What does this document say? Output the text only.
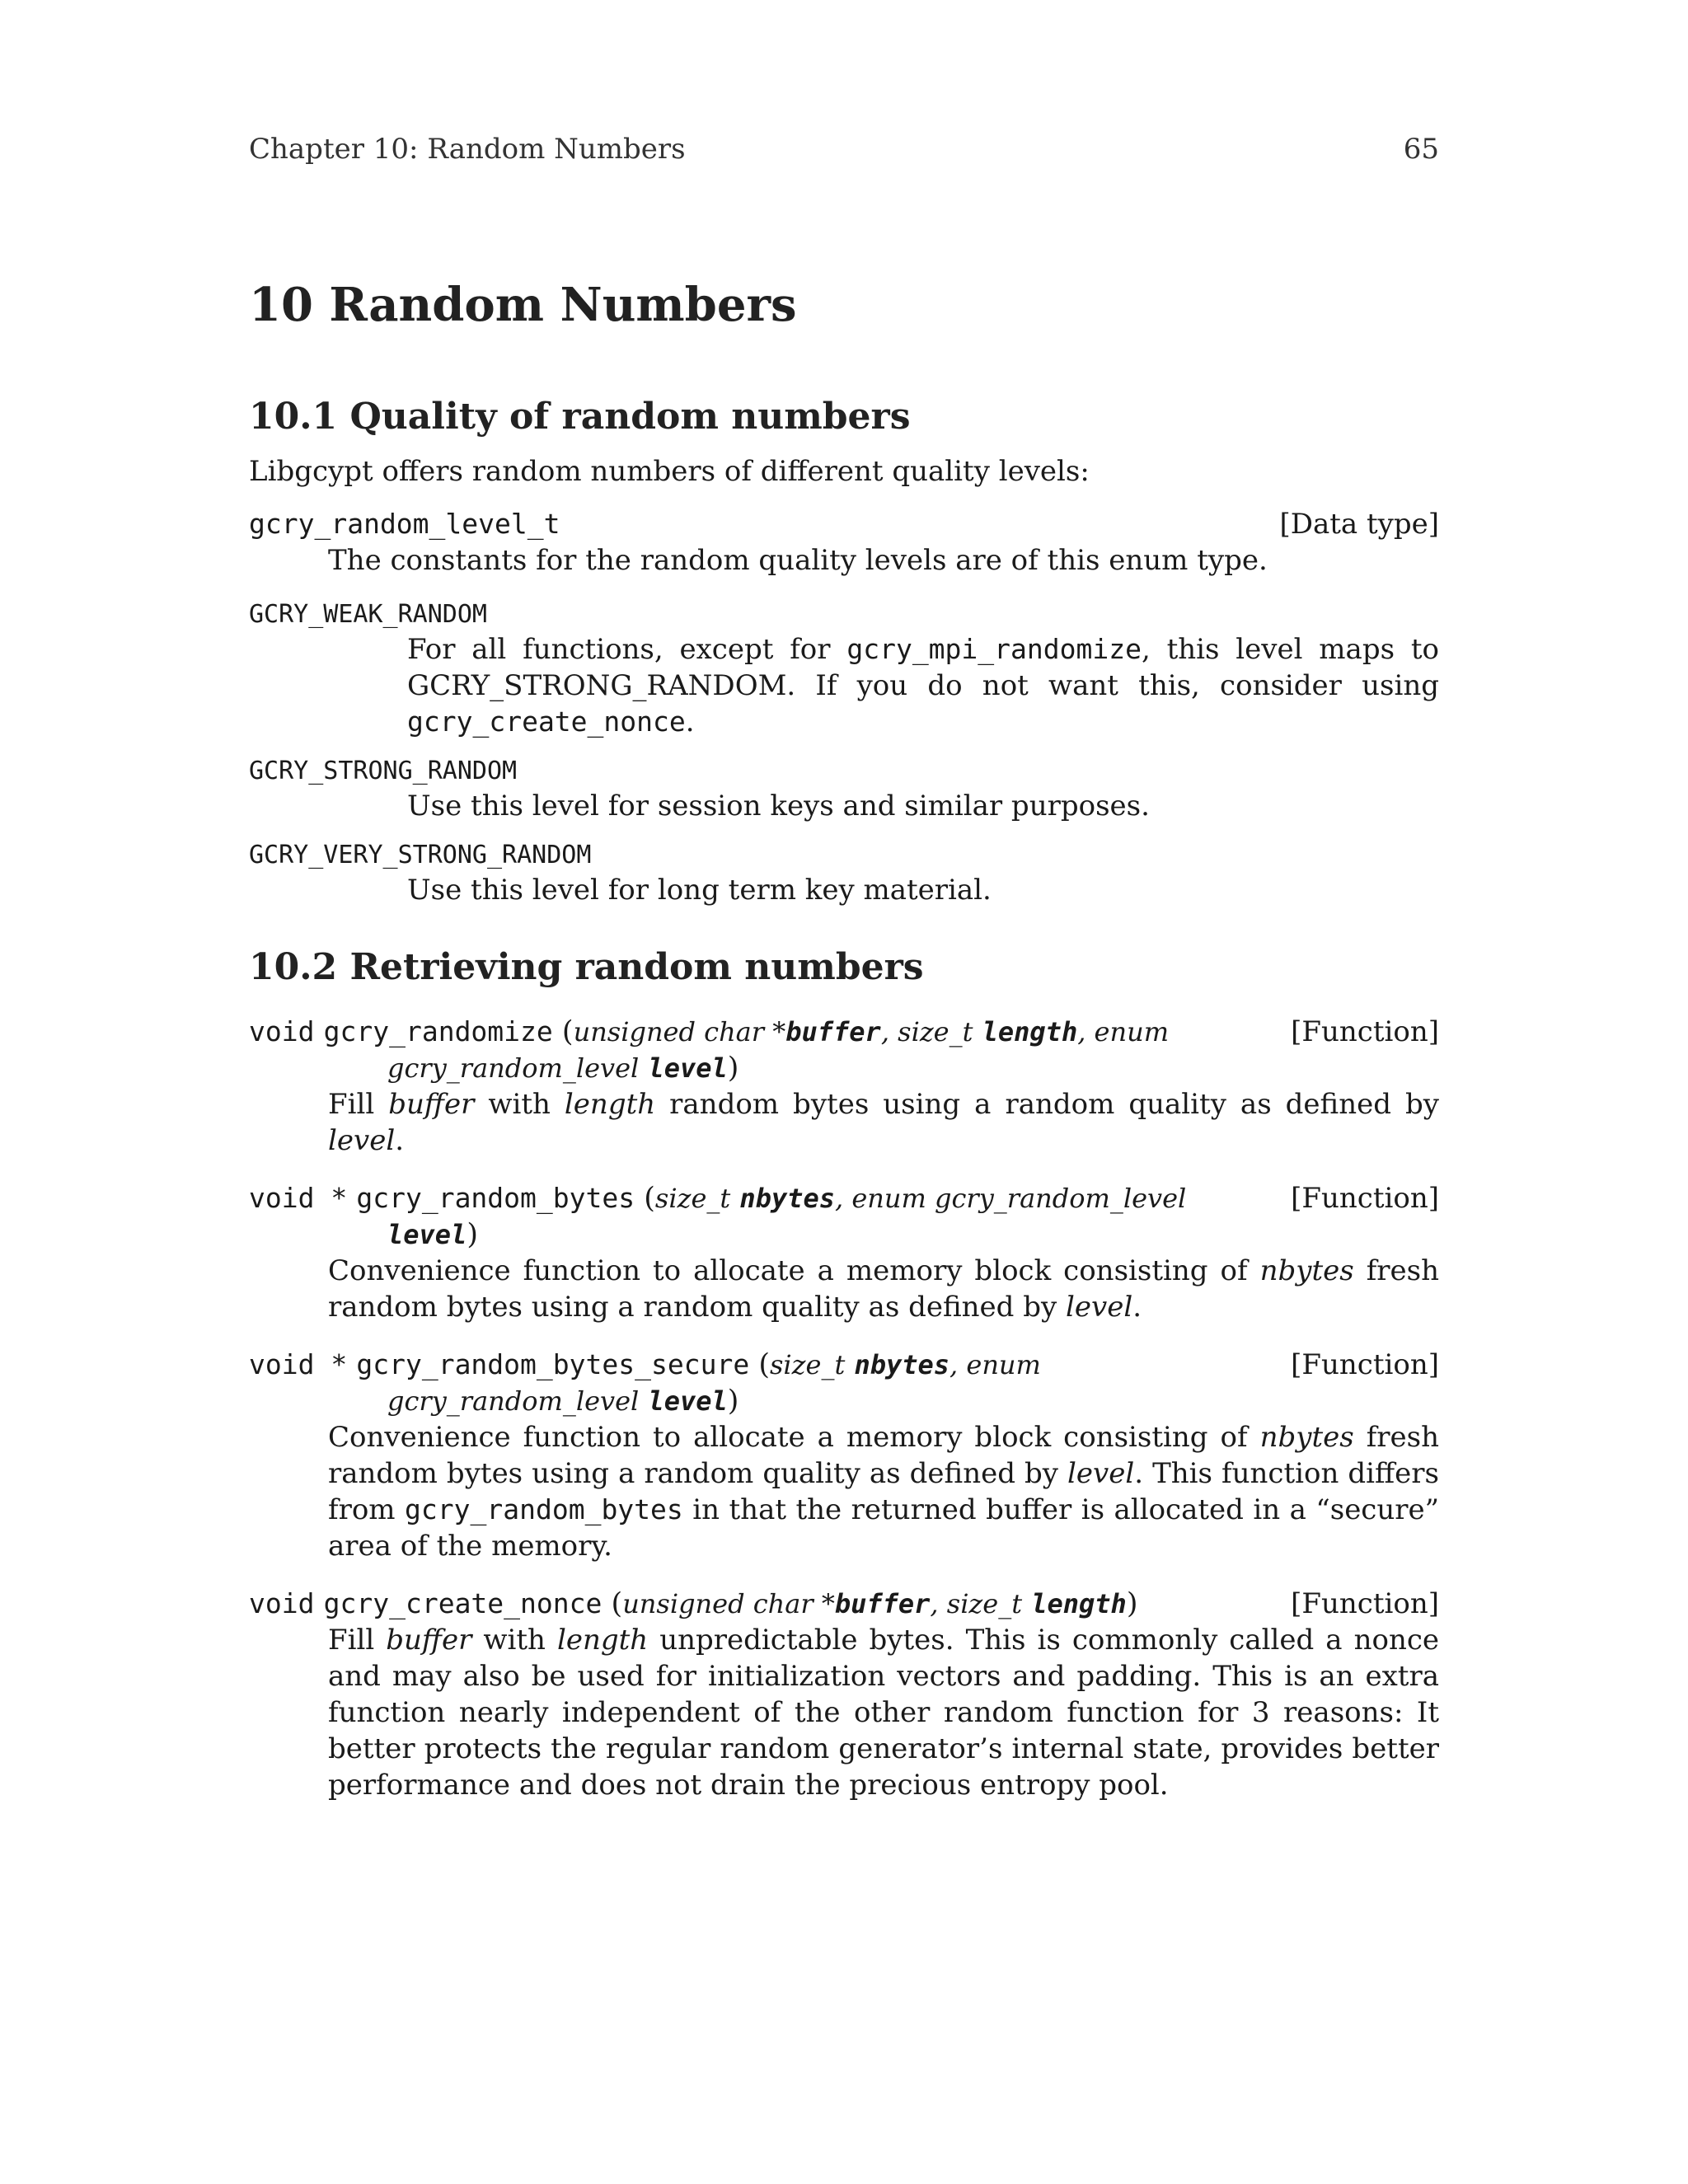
Chapter 10: Random Numbers	65
10 Random Numbers
10.1 Quality of random numbers

Libgcypt offers random numbers of different quality levels:

gcry_random_level_t	[Data type]

The constants for the random quality levels are of this enum type.

GCRY_WEAK_RANDOM

For all functions, except for gcry_mpi_randomize, this level maps to GCRY_STRONG_RANDOM. If you do not want this, consider using gcry_create_nonce.

GCRY_STRONG_RANDOM

Use this level for session keys and similar purposes.

GCRY_VERY_STRONG_RANDOM

Use this level for long term key material.

10.2 Retrieving random numbers
void gcry_randomize (unsigned char *buffer, size_t length, enum	[Function]
gcry_random_level level)

Fill buffer with length random bytes using a random quality as defined by level.

void * gcry_random_bytes (size_t nbytes, enum gcry_random_level	[Function]
level)

Convenience function to allocate a memory block consisting of nbytes fresh random bytes using a random quality as defined by level.

void * gcry_random_bytes_secure (size_t nbytes, enum	[Function]
gcry_random_level level)

Convenience function to allocate a memory block consisting of nbytes fresh random bytes using a random quality as defined by level. This function differs from gcry_random_bytes in that the returned buffer is allocated in a “secure” area of the memory.

void gcry_create_nonce (unsigned char *buffer, size_t length)	[Function]

Fill buffer with length unpredictable bytes. This is commonly called a nonce and may also be used for initialization vectors and padding. This is an extra function nearly independent of the other random function for 3 reasons: It better protects the regular random generator’s internal state, provides better performance and does not drain the precious entropy pool.
